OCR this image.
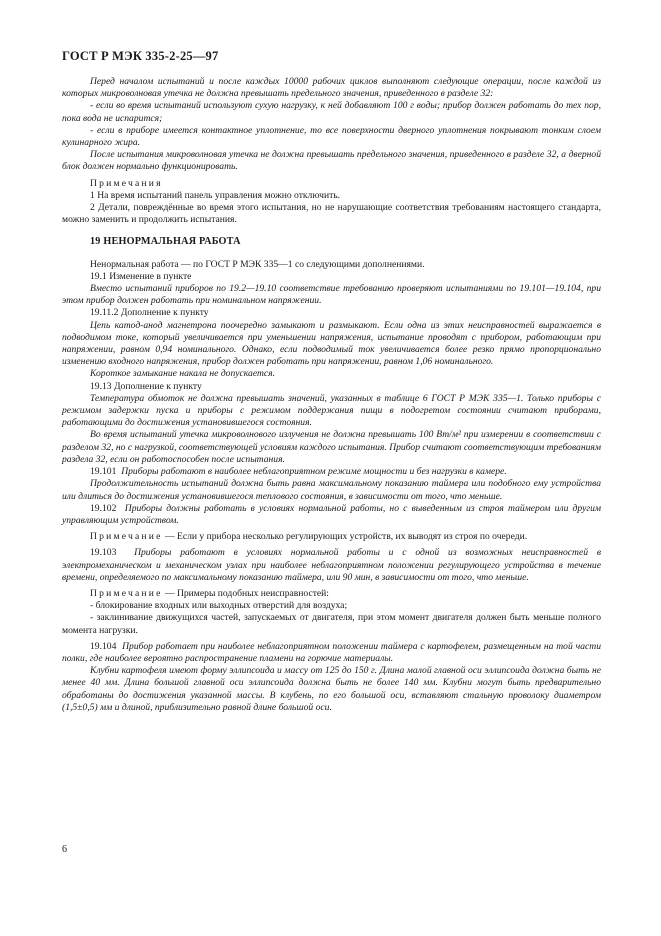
ГОСТ Р МЭК 335-2-25—97

Перед началом испытаний и после каждых 10000 рабочих циклов выполняют следующие операции, после каждой из которых микроволновая утечка не должна превышать предельного значения, приведенного в разделе 32:

- если во время испытаний используют сухую нагрузку, к ней добавляют 100 г воды; прибор должен работать до тех пор, пока вода не испарится;

- если в приборе имеется контактное уплотнение, то все поверхности дверного уплотнения покрывают тонким слоем кулинарного жира.

После испытания микроволновая утечка не должна превышать предельного значения, приведенного в разделе 32, а дверной блок должен нормально функционировать.

Примечания

1 На время испытаний панель управления можно отключить.

2 Детали, повреждённые во время этого испытания, но не нарушающие соответствия требованиям настоящего стандарта, можно заменить и продолжить испытания.

19 НЕНОРМАЛЬНАЯ РАБОТА

Ненормальная работа — по ГОСТ Р МЭК 335—1 со следующими дополнениями.

19.1 Изменение в пункте

Вместо испытаний приборов по 19.2—19.10 соответствие требованию проверяют испытаниями по 19.101—19.104, при этом прибор должен работать при номинальном напряжении.

19.11.2 Дополнение к пункту

Цепь катод-анод магнетрона поочередно замыкают и размыкают. Если одна из этих неисправностей выражается в подводимом токе, который увеличивается при уменьшении напряжения, испытание проводят с прибором, работающим при напряжении, равном 0,94 номинального. Однако, если подводимый ток увеличивается более резко прямо пропорционально изменению входного напряжения, прибор должен работать при напряжении, равном 1,06 номинального.

Короткое замыкание накала не допускается.

19.13 Дополнение к пункту

Температура обмоток не должна превышать значений, указанных в таблице 6 ГОСТ Р МЭК 335—1. Только приборы с режимом задержки пуска и приборы с режимом поддержания пищи в подогретом состоянии считают приборами, работающими до достижения установившегося состояния.

Во время испытаний утечка микроволнового излучения не должна превышать 100 Вт/м² при измерении в соответствии с разделом 32, но с нагрузкой, соответствующей условиям каждого испытания. Прибор считают соответствующим требованиям раздела 32, если он работоспособен после испытания.

19.101 Приборы работают в наиболее неблагоприятном режиме мощности и без нагрузки в камере.

Продолжительность испытаний должна быть равна максимальному показанию таймера или подобного ему устройства или длиться до достижения установившегося теплового состояния, в зависимости от того, что меньше.

19.102 Приборы должны работать в условиях нормальной работы, но с выведенным из строя таймером или другим управляющим устройством.

Примечание — Если у прибора несколько регулирующих устройств, их выводят из строя по очереди.

19.103 Приборы работают в условиях нормальной работы и с одной из возможных неисправностей в электромеханическом и механическом узлах при наиболее неблагоприятном положении регулирующего устройства в течение времени, определяемого по максимальному показанию таймера, или 90 мин, в зависимости от того, что меньше.

Примечание — Примеры подобных неисправностей:

- блокирование входных или выходных отверстий для воздуха;

- заклинивание движущихся частей, запускаемых от двигателя, при этом момент двигателя должен быть меньше полного момента нагрузки.

19.104 Прибор работает при наиболее неблагоприятном положении таймера с картофелем, размещенным на той части полки, где наиболее вероятно распространение пламени на горючие материалы.

Клубни картофеля имеют форму эллипсоида и массу от 125 до 150 г. Длина малой главной оси эллипсоида должна быть не менее 40 мм. Длина большой главной оси эллипсоида должна быть не более 140 мм. Клубни могут быть предварительно обработаны до достижения указанной массы. В клубень, по его большой оси, вставляют стальную проволоку диаметром (1,5±0,5) мм и длиной, приблизительно равной длине большой оси.

6
